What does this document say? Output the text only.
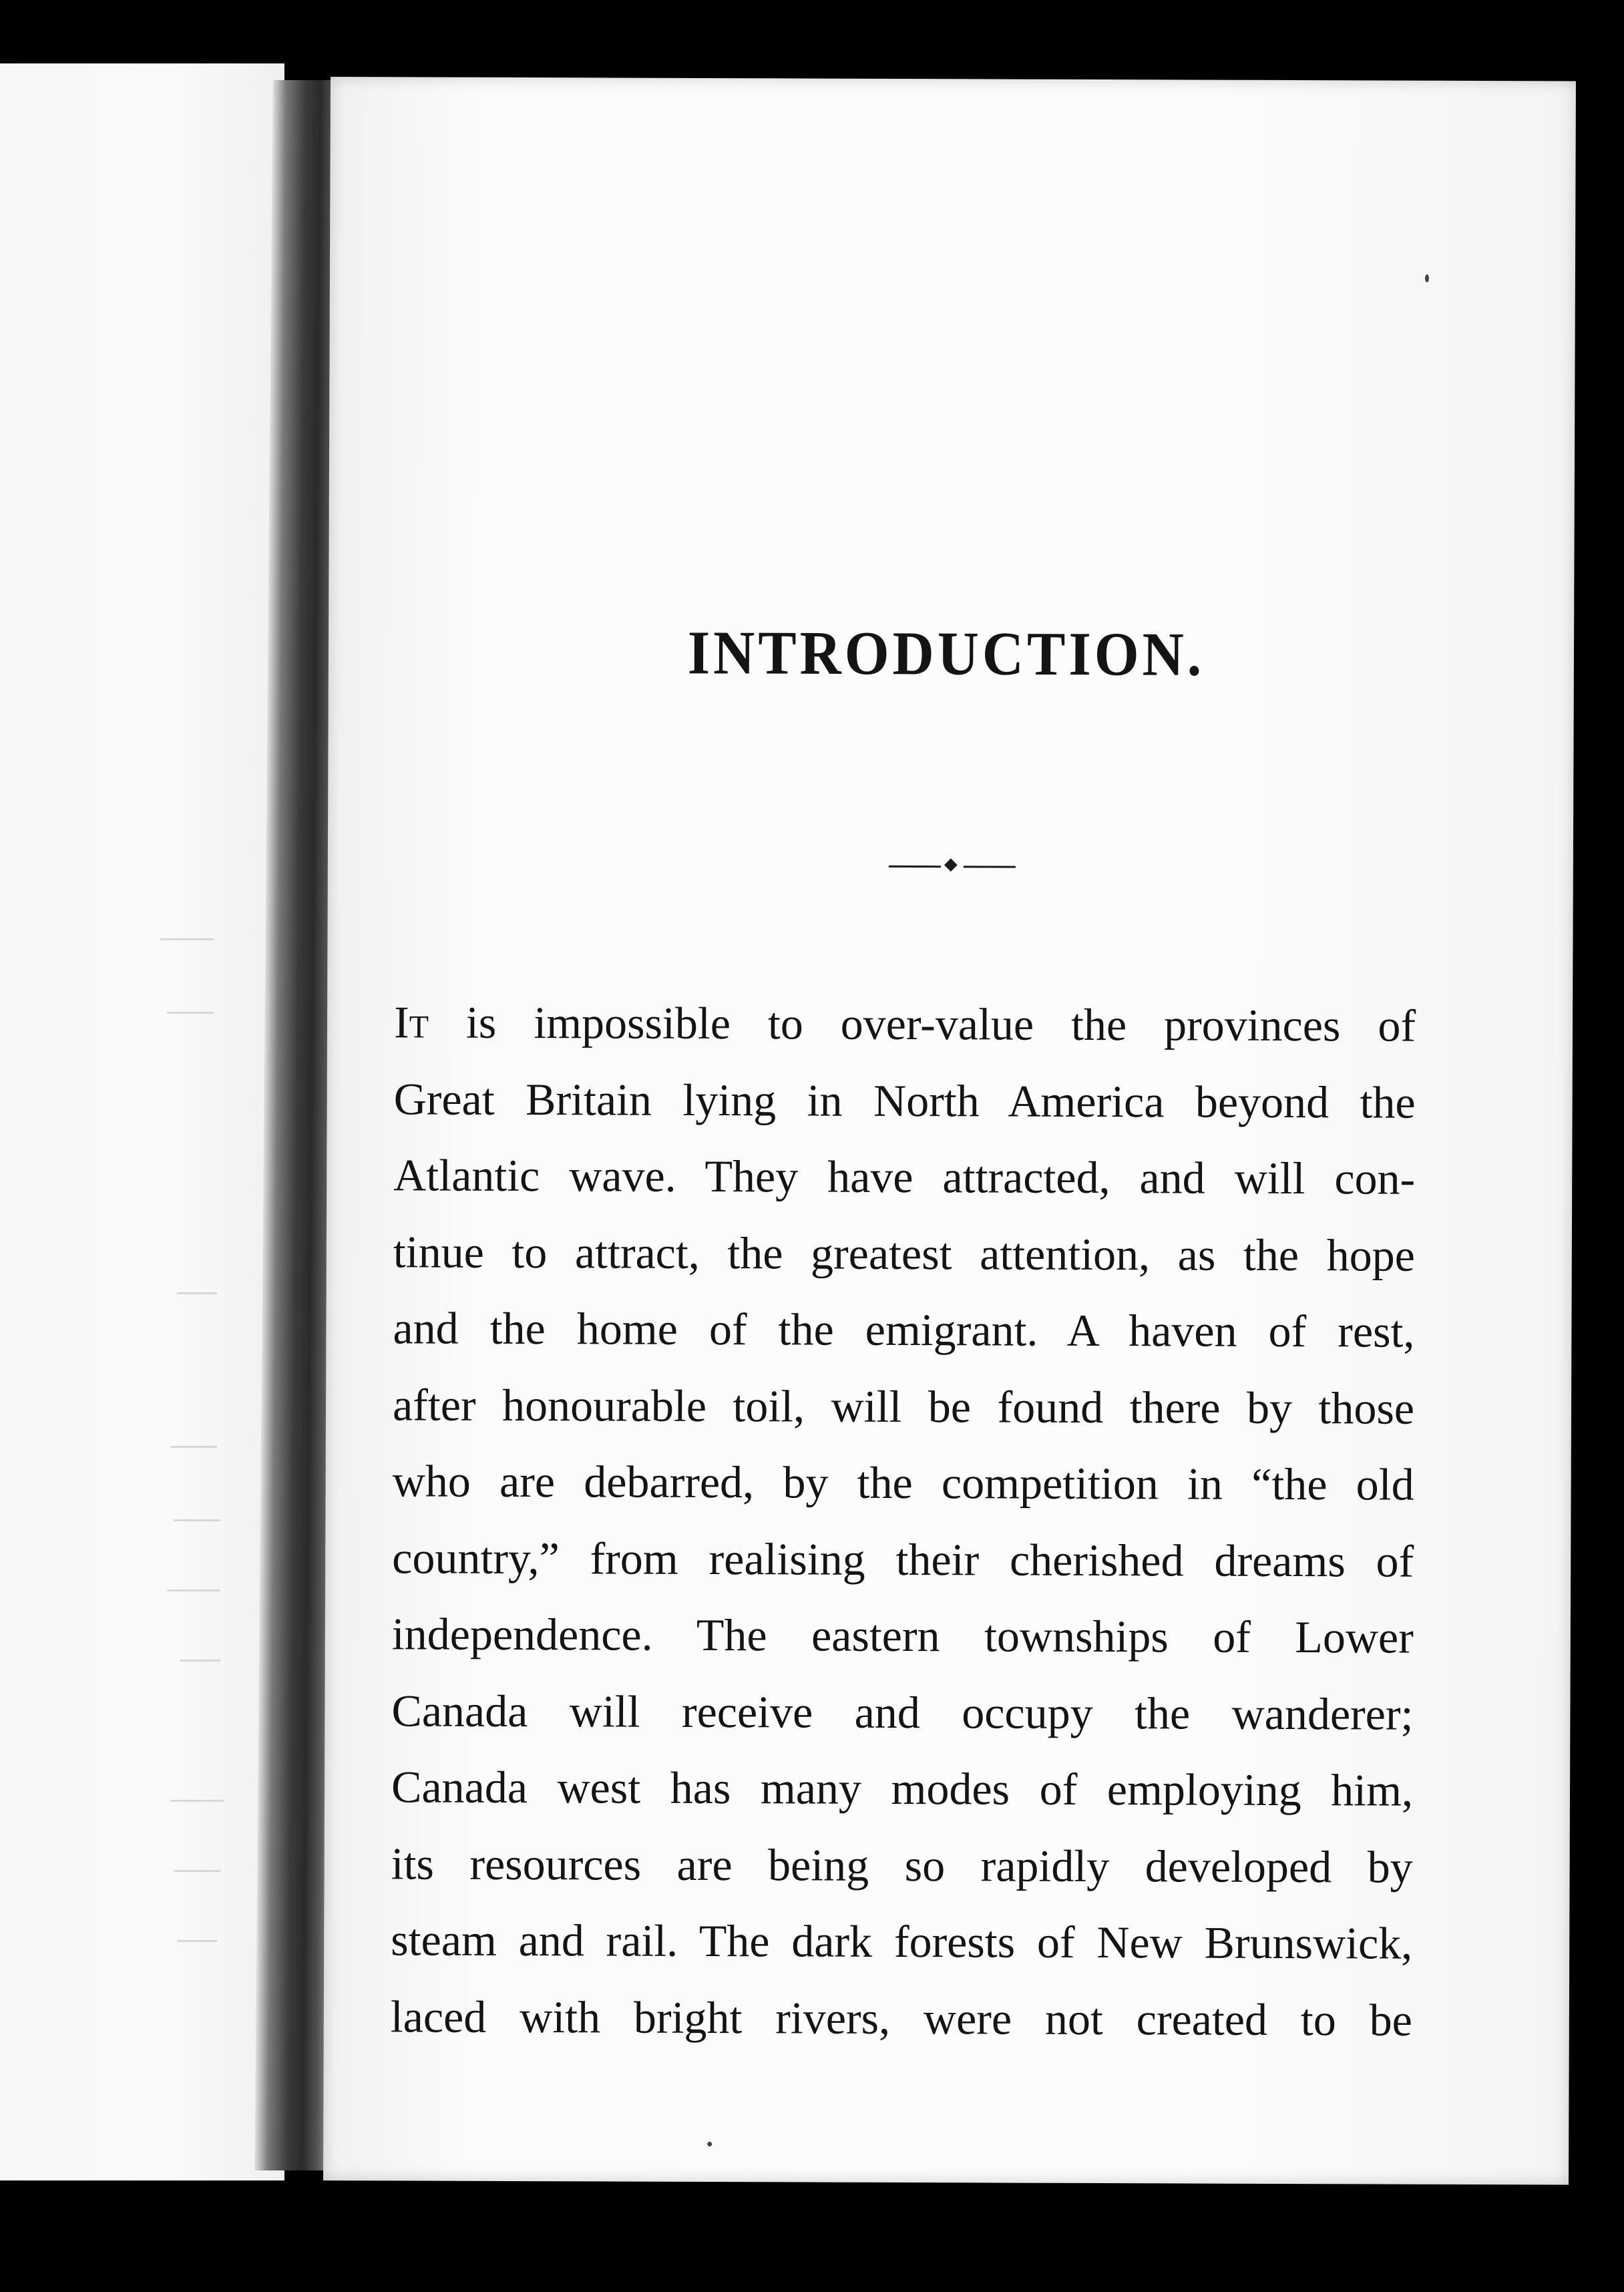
INTRODUCTION.
It is impossible to over-value the provinces of
Great Britain lying in North America beyond the
Atlantic wave. They have attracted, and will con-
tinue to attract, the greatest attention, as the hope
and the home of the emigrant. A haven of rest,
after honourable toil, will be found there by those
who are debarred, by the competition in “the old
country,” from realising their cherished dreams of
independence. The eastern townships of Lower
Canada will receive and occupy the wanderer;
Canada west has many modes of employing him,
its resources are being so rapidly developed by
steam and rail. The dark forests of New Brunswick,
laced with bright rivers, were not created to be
